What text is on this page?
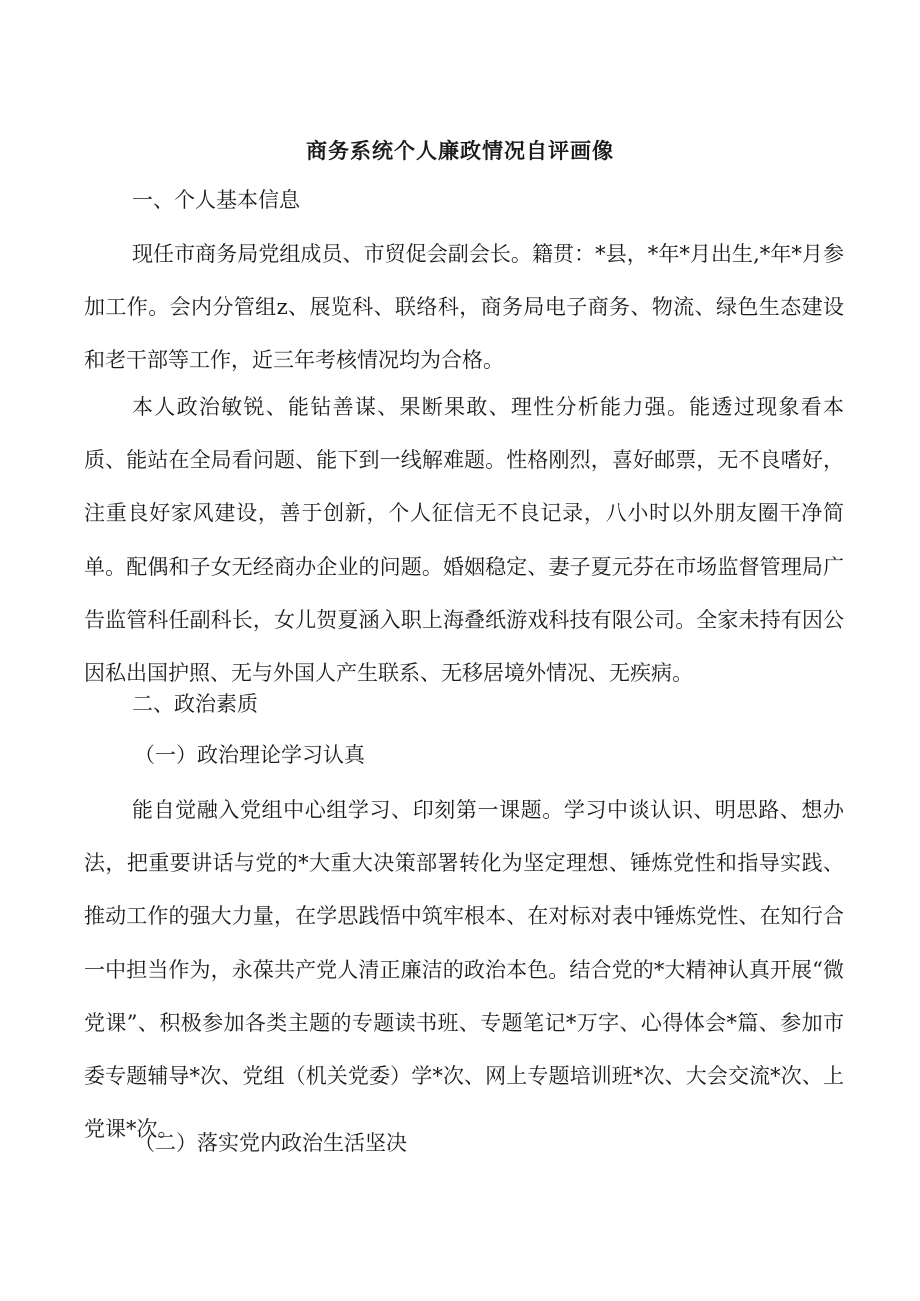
商务系统个人廉政情况自评画像
一、个人基本信息

现任市商务局党组成员、市贸促会副会长。籍贯：*县，*年*月出生,*年*月参加工作。会内分管组z、展览科、联络科，商务局电子商务、物流、绿色生态建设和老干部等工作，近三年考核情况均为合格。

本人政治敏锐、能钻善谋、果断果敢、理性分析能力强。能透过现象看本质、能站在全局看问题、能下到一线解难题。性格刚烈，喜好邮票，无不良嗜好，注重良好家风建设，善于创新，个人征信无不良记录，八小时以外朋友圈干净简单。配偶和子女无经商办企业的问题。婚姻稳定、妻子夏元芬在市场监督管理局广告监管科任副科长，女儿贺夏涵入职上海叠纸游戏科技有限公司。全家未持有因公因私出国护照、无与外国人产生联系、无移居境外情况、无疾病。

二、政治素质
（一）政治理论学习认真

能自觉融入党组中心组学习、印刻第一课题。学习中谈认识、明思路、想办法，把重要讲话与党的*大重大决策部署转化为坚定理想、锤炼党性和指导实践、推动工作的强大力量，在学思践悟中筑牢根本、在对标对表中锤炼党性、在知行合一中担当作为，永葆共产党人清正廉洁的政治本色。结合党的*大精神认真开展“微党课”、积极参加各类主题的专题读书班、专题笔记*万字、心得体会*篇、参加市委专题辅导*次、党组（机关党委）学*次、网上专题培训班*次、大会交流*次、上党课*次。

（二）落实党内政治生活坚决
